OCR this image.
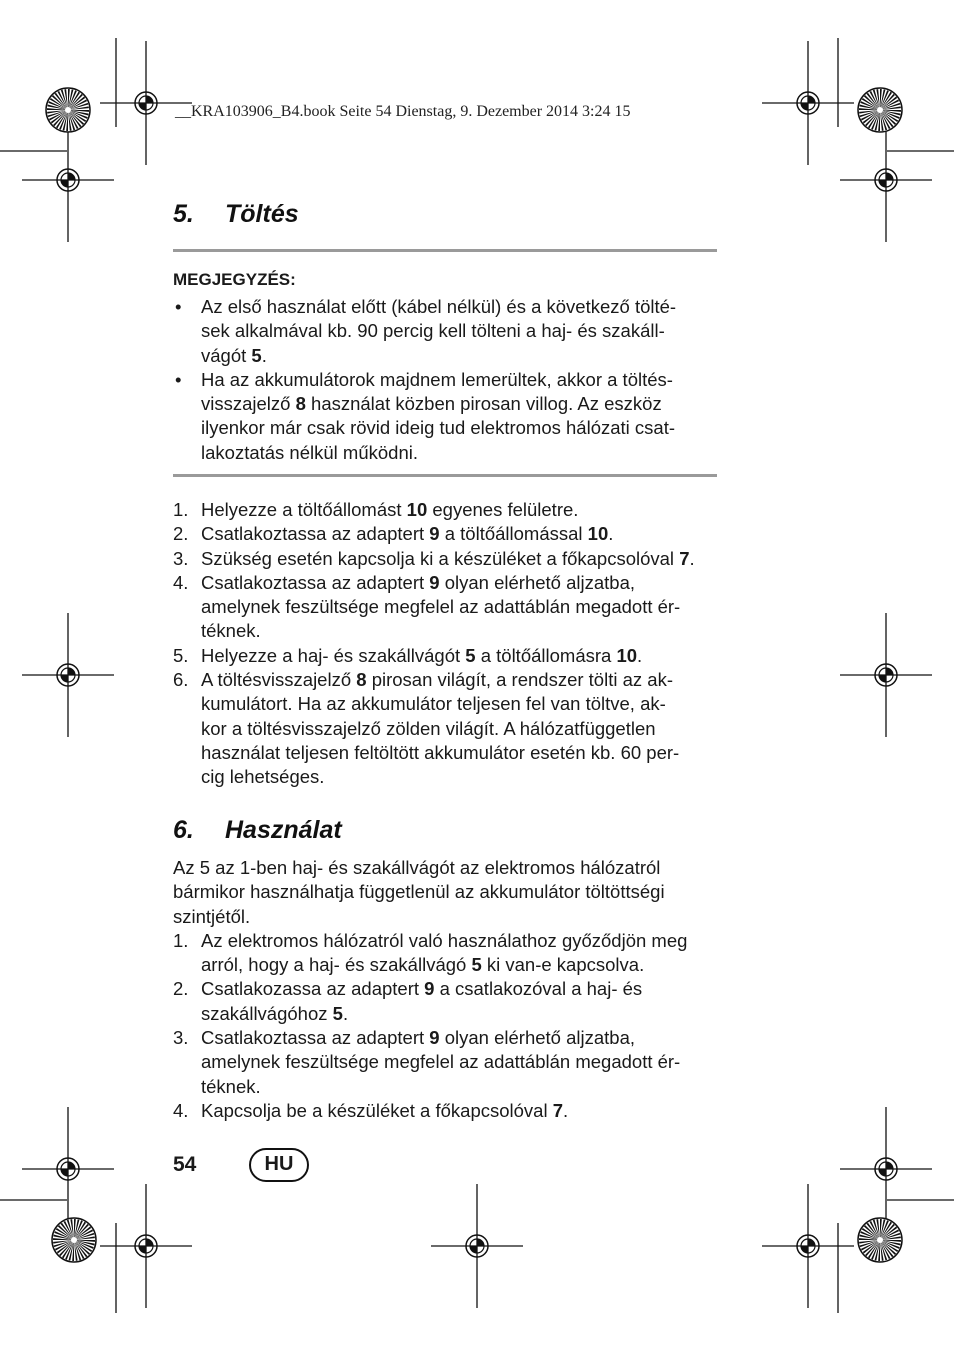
__KRA103906_B4.book Seite 54 Dienstag, 9. Dezember 2014 3:24 15
5. Töltés
MEGJEGYZÉS:
• Az első használat előtt (kábel nélkül) és a következő tölté-
sek alkalmával kb. 90 percig kell tölteni a haj- és szakáll-
vágót 5.
• Ha az akkumulátorok majdnem lemerültek, akkor a töltés-
visszajelző 8 használat közben pirosan villog. Az eszköz
ilyenkor már csak rövid ideig tud elektromos hálózati csat-
lakoztatás nélkül működni.
1. Helyezze a töltőállomást 10 egyenes felületre.
2. Csatlakoztassa az adaptert 9 a töltőállomással 10.
3. Szükség esetén kapcsolja ki a készüléket a főkapcsolóval 7.
4. Csatlakoztassa az adaptert 9 olyan elérhető aljzatba,
amelynek feszültsége megfelel az adattáblán megadott ér-
téknek.
5. Helyezze a haj- és szakállvágót 5 a töltőállomásra 10.
6. A töltésvisszajelző 8 pirosan világít, a rendszer tölti az ak-
kumulátort. Ha az akkumulátor teljesen fel van töltve, ak-
kor a töltésvisszajelző zölden világít. A hálózatfüggetlen
használat teljesen feltöltött akkumulátor esetén kb. 60 per-
cig lehetséges.
6. Használat
Az 5 az 1-ben haj- és szakállvágót az elektromos hálózatról
bármikor használhatja függetlenül az akkumulátor töltöttségi
szintjétől.
1. Az elektromos hálózatról való használathoz győződjön meg
arról, hogy a haj- és szakállvágó 5 ki van-e kapcsolva.
2. Csatlakozassa az adaptert 9 a csatlakozóval a haj- és
szakállvágóhoz 5.
3. Csatlakoztassa az adaptert 9 olyan elérhető aljzatba,
amelynek feszültsége megfelel az adattáblán megadott ér-
téknek.
4. Kapcsolja be a készüléket a főkapcsolóval 7.
54	HU
